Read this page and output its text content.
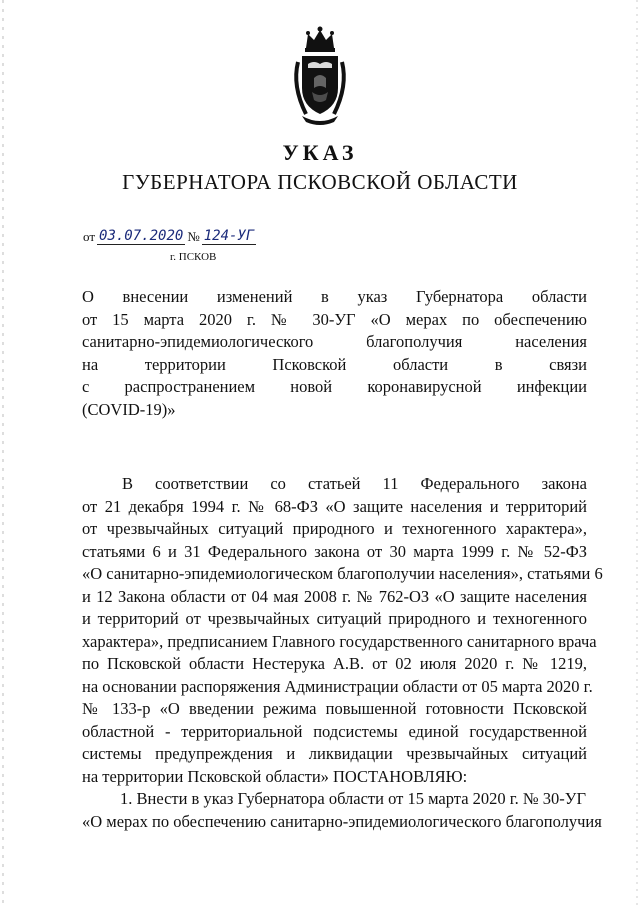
УКАЗ
ГУБЕРНАТОРА ПСКОВСКОЙ ОБЛАСТИ
от 03.07.2020 № 124-УГ
г. ПСКОВ
О внесении изменений в указ Губернатора области
от 15 марта 2020 г. № 30-УГ «О мерах по обеспечению
санитарно-эпидемиологического благополучия населения
на территории Псковской области в связи
с распространением новой коронавирусной инфекции
(COVID-19)»
В соответствии со статьей 11 Федерального закона
от 21 декабря 1994 г. № 68-ФЗ «О защите населения и территорий
от чрезвычайных ситуаций природного и техногенного характера»,
статьями 6 и 31 Федерального закона от 30 марта 1999 г. № 52-ФЗ
«О санитарно-эпидемиологическом благополучии населения», статьями 6
и 12 Закона области от 04 мая 2008 г. № 762-ОЗ «О защите населения
и территорий от чрезвычайных ситуаций природного и техногенного
характера», предписанием Главного государственного санитарного врача
по Псковской области Нестерука А.В. от 02 июля 2020 г. № 1219,
на основании распоряжения Администрации области от 05 марта 2020 г.
№ 133-р «О введении режима повышенной готовности Псковской
областной - территориальной подсистемы единой государственной
системы предупреждения и ликвидации чрезвычайных ситуаций
на территории Псковской области» ПОСТАНОВЛЯЮ:
1. Внести в указ Губернатора области от 15 марта 2020 г. № 30-УГ
«О мерах по обеспечению санитарно-эпидемиологического благополучия
